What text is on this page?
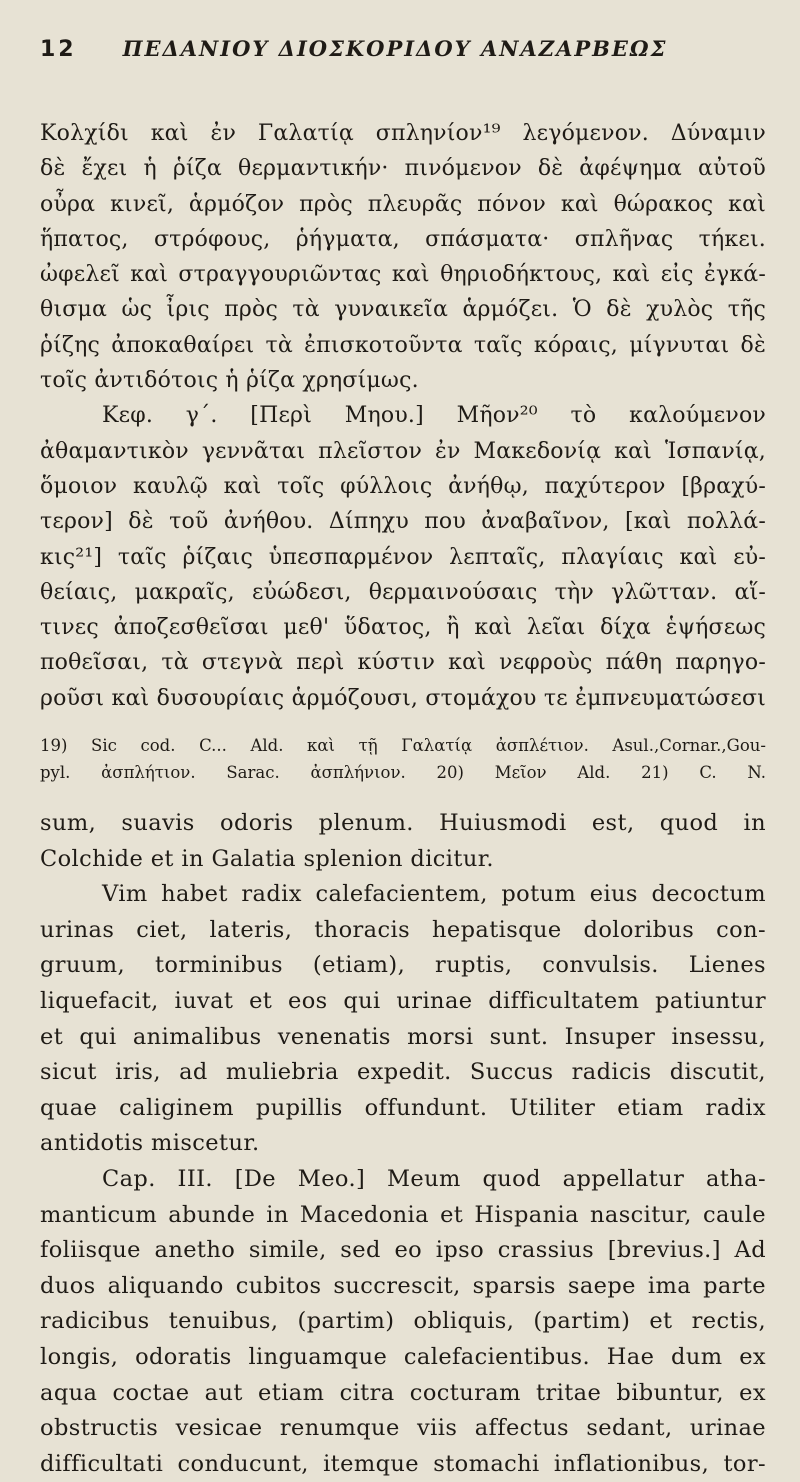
12 ΠΕΔΑΝΙΟΥ ΔΙΟΣΚΟΡΙΔΟΥ ΑΝΑΖΑΡΒΕΩΣ

Κολχίδι καὶ ἐν Γαλατίᾳ σπληνίον¹⁹ λεγόμενον. Δύναμιν

δὲ ἔχει ἡ ῥίζα θερμαντικήν· πινόμενον δὲ ἀφέψημα αὐτοῦ

οὖρα κινεῖ, ἁρμόζον πρὸς πλευρᾶς πόνον καὶ θώρακος καὶ

ἥπατος, στρόφους, ῥήγματα, σπάσματα· σπλῆνας τήκει.

ὠφελεῖ καὶ στραγγουριῶντας καὶ θηριοδήκτους, καὶ εἰς ἐγκά-

θισμα ὡς ἶρις πρὸς τὰ γυναικεῖα ἁρμόζει. Ὁ δὲ χυλὸς τῆς

ῥίζης ἀποκαθαίρει τὰ ἐπισκοτοῦντα ταῖς κόραις, μίγνυται δὲ

τοῖς ἀντιδότοις ἡ ῥίζα χρησίμως.

Κεφ. γ΄. [Περὶ Μηου.] Μῆον²⁰ τὸ καλούμενον

ἀθαμαντικὸν γεννᾶται πλεῖστον ἐν Μακεδονίᾳ καὶ Ἱσπανίᾳ,

ὅμοιον καυλῷ καὶ τοῖς φύλλοις ἀνήθῳ, παχύτερον [βραχύ-

τερον] δὲ τοῦ ἀνήθου. Δίπηχυ που ἀναβαῖνον, [καὶ πολλά-

κις²¹] ταῖς ῥίζαις ὑπεσπαρμένον λεπταῖς, πλαγίαις καὶ εὐ-

θείαις, μακραῖς, εὐώδεσι, θερμαινούσαις τὴν γλῶτταν. αἵ-

τινες ἀποζεσθεῖσαι μεθ' ὕδατος, ἢ καὶ λεῖαι δίχα ἑψήσεως

ποθεῖσαι, τὰ στεγνὰ περὶ κύστιν καὶ νεφροὺς πάθη παρηγο-

ροῦσι καὶ δυσουρίαις ἁρμόζουσι, στομάχου τε ἐμπνευματώσεσι

19) Sic cod. C... Ald. καὶ τῇ Γαλατίᾳ ἀσπλέτιον. Asul.,Cornar.,Gou-

pyl. ἀσπλήτιον. Sarac. ἀσπλήνιον. 20) Μεῖον Ald. 21) C. N.

sum, suavis odoris plenum. Huiusmodi est, quod in

Colchide et in Galatia splenion dicitur.

Vim habet radix calefacientem, potum eius decoctum

urinas ciet, lateris, thoracis hepatisque doloribus con-

gruum, torminibus (etiam), ruptis, convulsis. Lienes

liquefacit, iuvat et eos qui urinae difficultatem patiuntur

et qui animalibus venenatis morsi sunt. Insuper insessu,

sicut iris, ad muliebria expedit. Succus radicis discutit,

quae caliginem pupillis offundunt. Utiliter etiam radix

antidotis miscetur.

Cap. III. [De Meo.] Meum quod appellatur atha-

manticum abunde in Macedonia et Hispania nascitur, caule

foliisque anetho simile, sed eo ipso crassius [brevius.] Ad

duos aliquando cubitos succrescit, sparsis saepe ima parte

radicibus tenuibus, (partim) obliquis, (partim) et rectis,

longis, odoratis linguamque calefacientibus. Hae dum ex

aqua coctae aut etiam citra cocturam tritae bibuntur, ex

obstructis vesicae renumque viis affectus sedant, urinae

difficultati conducunt, itemque stomachi inflationibus, tor-
